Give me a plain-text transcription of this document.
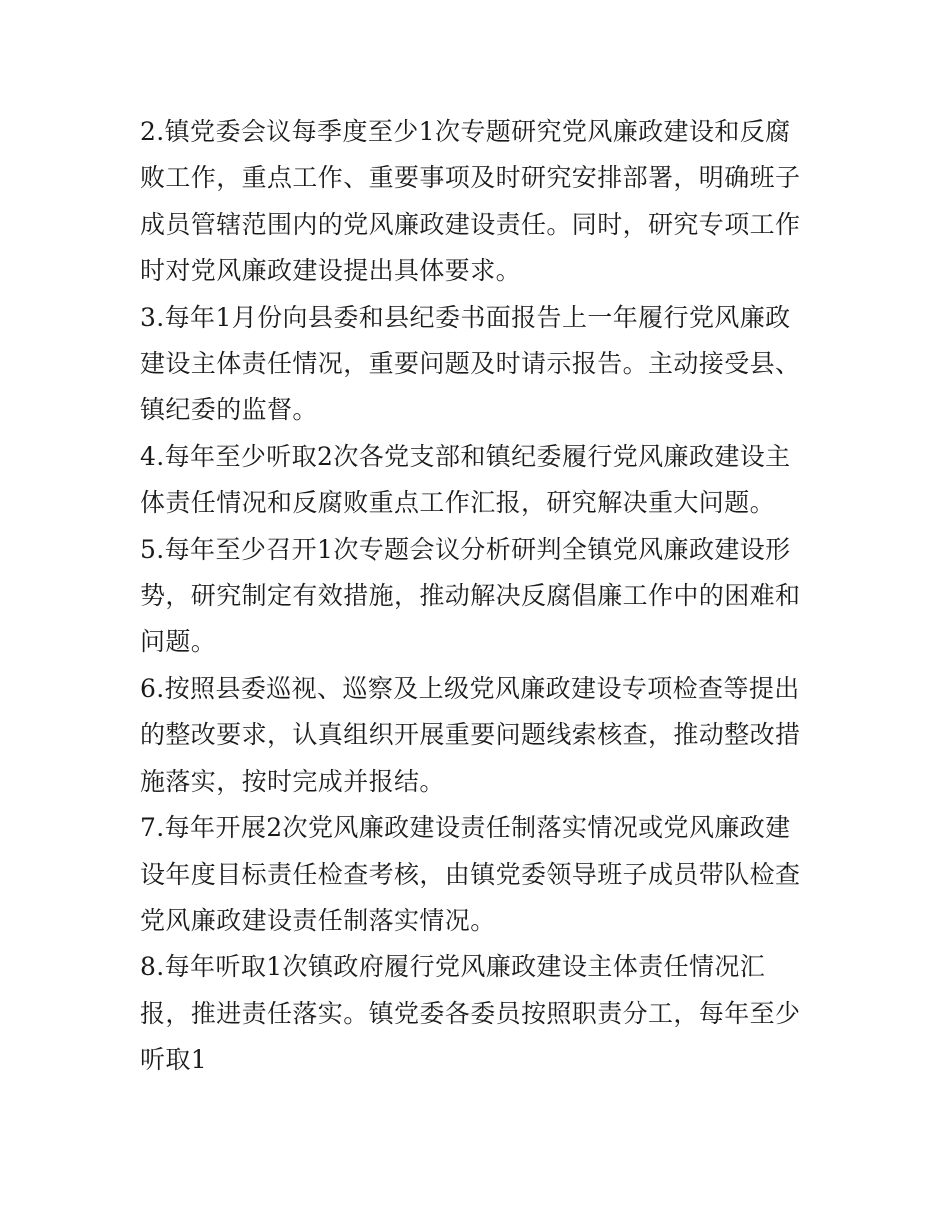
2.镇党委会议每季度至少1次专题研究党风廉政建设和反腐败工作，重点工作、重要事项及时研究安排部署，明确班子成员管辖范围内的党风廉政建设责任。同时，研究专项工作时对党风廉政建设提出具体要求。

3.每年1月份向县委和县纪委书面报告上一年履行党风廉政建设主体责任情况，重要问题及时请示报告。主动接受县、镇纪委的监督。

4.每年至少听取2次各党支部和镇纪委履行党风廉政建设主体责任情况和反腐败重点工作汇报，研究解决重大问题。

5.每年至少召开1次专题会议分析研判全镇党风廉政建设形势，研究制定有效措施，推动解决反腐倡廉工作中的困难和问题。

6.按照县委巡视、巡察及上级党风廉政建设专项检查等提出的整改要求，认真组织开展重要问题线索核查，推动整改措施落实，按时完成并报结。

7.每年开展2次党风廉政建设责任制落实情况或党风廉政建设年度目标责任检查考核，由镇党委领导班子成员带队检查党风廉政建设责任制落实情况。

8.每年听取1次镇政府履行党风廉政建设主体责任情况汇报，推进责任落实。镇党委各委员按照职责分工，每年至少听取1
